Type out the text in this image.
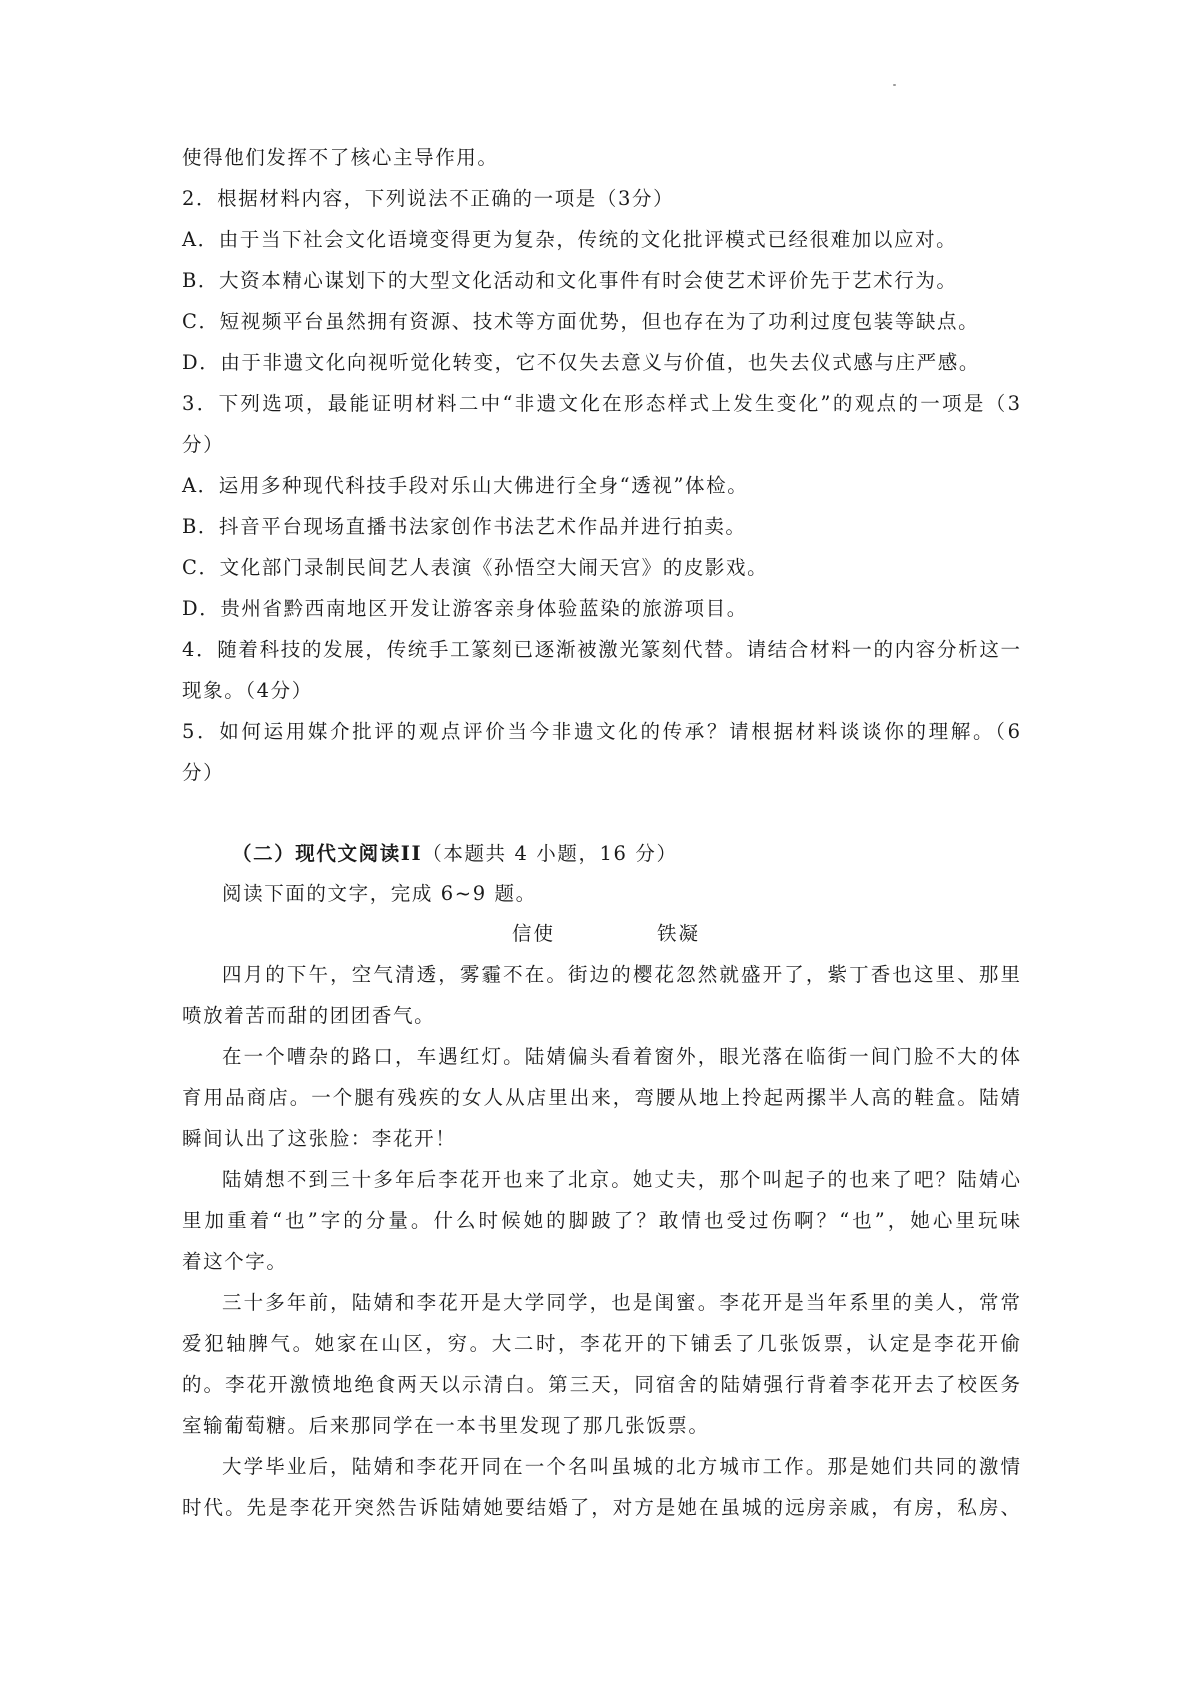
使得他们发挥不了核心主导作用。
2．根据材料内容，下列说法不正确的一项是（3分）
A．由于当下社会文化语境变得更为复杂，传统的文化批评模式已经很难加以应对。
B．大资本精心谋划下的大型文化活动和文化事件有时会使艺术评价先于艺术行为。
C．短视频平台虽然拥有资源、技术等方面优势，但也存在为了功利过度包装等缺点。
D．由于非遗文化向视听觉化转变，它不仅失去意义与价值，也失去仪式感与庄严感。
3．下列选项，最能证明材料二中“非遗文化在形态样式上发生变化”的观点的一项是（3
分）
A．运用多种现代科技手段对乐山大佛进行全身“透视”体检。
B．抖音平台现场直播书法家创作书法艺术作品并进行拍卖。
C．文化部门录制民间艺人表演《孙悟空大闹天宫》的皮影戏。
D．贵州省黔西南地区开发让游客亲身体验蓝染的旅游项目。
4．随着科技的发展，传统手工篆刻已逐渐被激光篆刻代替。请结合材料一的内容分析这一
现象。（4分）
5．如何运用媒介批评的观点评价当今非遗文化的传承？请根据材料谈谈你的理解。（6
分）
（二）现代文阅读II（本题共 4 小题，16 分）
阅读下面的文字，完成 6~9 题。
信使	铁凝
四月的下午，空气清透，雾霾不在。街边的樱花忽然就盛开了，紫丁香也这里、那里
喷放着苦而甜的团团香气。
在一个嘈杂的路口，车遇红灯。陆婧偏头看着窗外，眼光落在临街一间门脸不大的体
育用品商店。一个腿有残疾的女人从店里出来，弯腰从地上拎起两摞半人高的鞋盒。陆婧
瞬间认出了这张脸：李花开！
陆婧想不到三十多年后李花开也来了北京。她丈夫，那个叫起子的也来了吧？陆婧心
里加重着“也”字的分量。什么时候她的脚跛了？敢情也受过伤啊？“也”，她心里玩味
着这个字。
三十多年前，陆婧和李花开是大学同学，也是闺蜜。李花开是当年系里的美人，常常
爱犯轴脾气。她家在山区，穷。大二时，李花开的下铺丢了几张饭票，认定是李花开偷
的。李花开激愤地绝食两天以示清白。第三天，同宿舍的陆婧强行背着李花开去了校医务
室输葡萄糖。后来那同学在一本书里发现了那几张饭票。
大学毕业后，陆婧和李花开同在一个名叫虽城的北方城市工作。那是她们共同的激情
时代。先是李花开突然告诉陆婧她要结婚了，对方是她在虽城的远房亲戚，有房，私房、
